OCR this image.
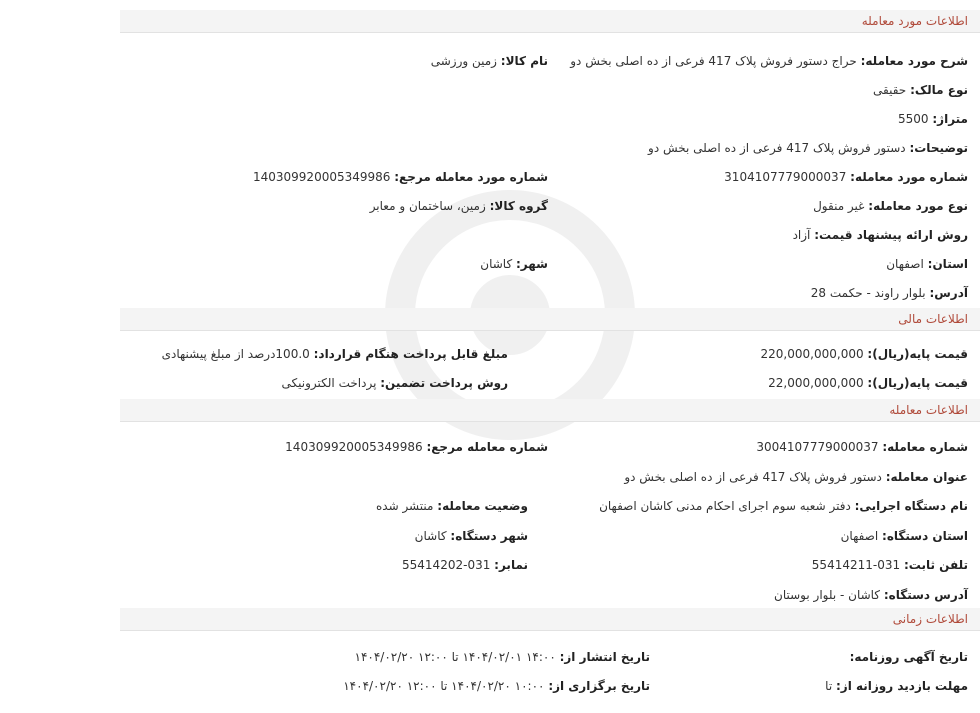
اطلاعات مورد معامله
شرح مورد معامله: حراج دستور فروش پلاک 417 فرعی از ده اصلی بخش دو
نام کالا: زمین ورزشی
نوع مالک: حقیقی
متراژ: 5500
توضیحات: دستور فروش پلاک 417 فرعی از ده اصلی بخش دو
شماره مورد معامله: 3104107779000037
شماره مورد معامله مرجع: 140309920005349986
نوع مورد معامله: غیر منقول
گروه کالا: زمین، ساختمان و معابر
روش ارائه پیشنهاد قیمت: آزاد
استان: اصفهان
شهر: کاشان
آدرس: بلوار راوند - حکمت 28
اطلاعات مالی
قیمت پایه(ریال): 220,000,000,000
مبلغ قابل پرداخت هنگام قرارداد: 100.0درصد از مبلغ پیشنهادی
قیمت پایه(ریال): 22,000,000,000
روش پرداخت تضمین: پرداخت الکترونیکی
اطلاعات معامله
شماره معامله: 3004107779000037
شماره معامله مرجع: 140309920005349986
عنوان معامله: دستور فروش پلاک 417 فرعی از ده اصلی بخش دو
نام دستگاه اجرایی: دفتر شعبه سوم اجرای احکام مدنی کاشان اصفهان
وضعیت معامله: منتشر شده
استان دستگاه: اصفهان
شهر دستگاه: کاشان
تلفن ثابت: 031-55414211
نمابر: 031-55414202
آدرس دستگاه: کاشان - بلوار بوستان
اطلاعات زمانی
تاریخ آگهی روزنامه:
تاریخ انتشار از: ۱۴:۰۰ ۱۴۰۴/۰۲/۰۱ تا ۱۲:۰۰ ۱۴۰۴/۰۲/۲۰
مهلت بازدید روزانه از: تا
تاریخ برگزاری از: ۱۰:۰۰ ۱۴۰۴/۰۲/۲۰ تا ۱۲:۰۰ ۱۴۰۴/۰۲/۲۰
